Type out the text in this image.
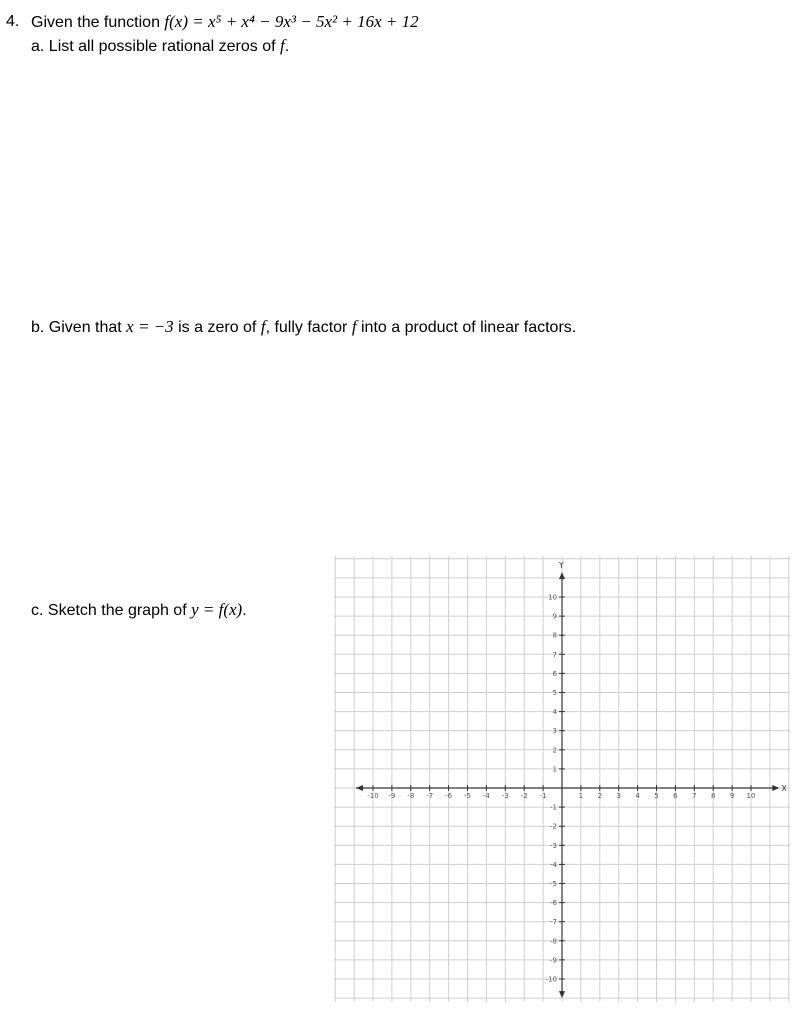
4. Given the function f(x) = x⁵ + x⁴ − 9x³ − 5x² + 16x + 12
a. List all possible rational zeros of f.
b. Given that x = −3 is a zero of f, fully factor f into a product of linear factors.
c. Sketch the graph of y = f(x).
X
Y
-10 -9 -8 -7 -6 -5 -4 -3 -2 -1	1 2 3 4 5 6 7 8 9 10
10
9
8
7
6
5
4
3
2
1
-1
-2
-3
-4
-5
-6
-7
-8
-9
-10
